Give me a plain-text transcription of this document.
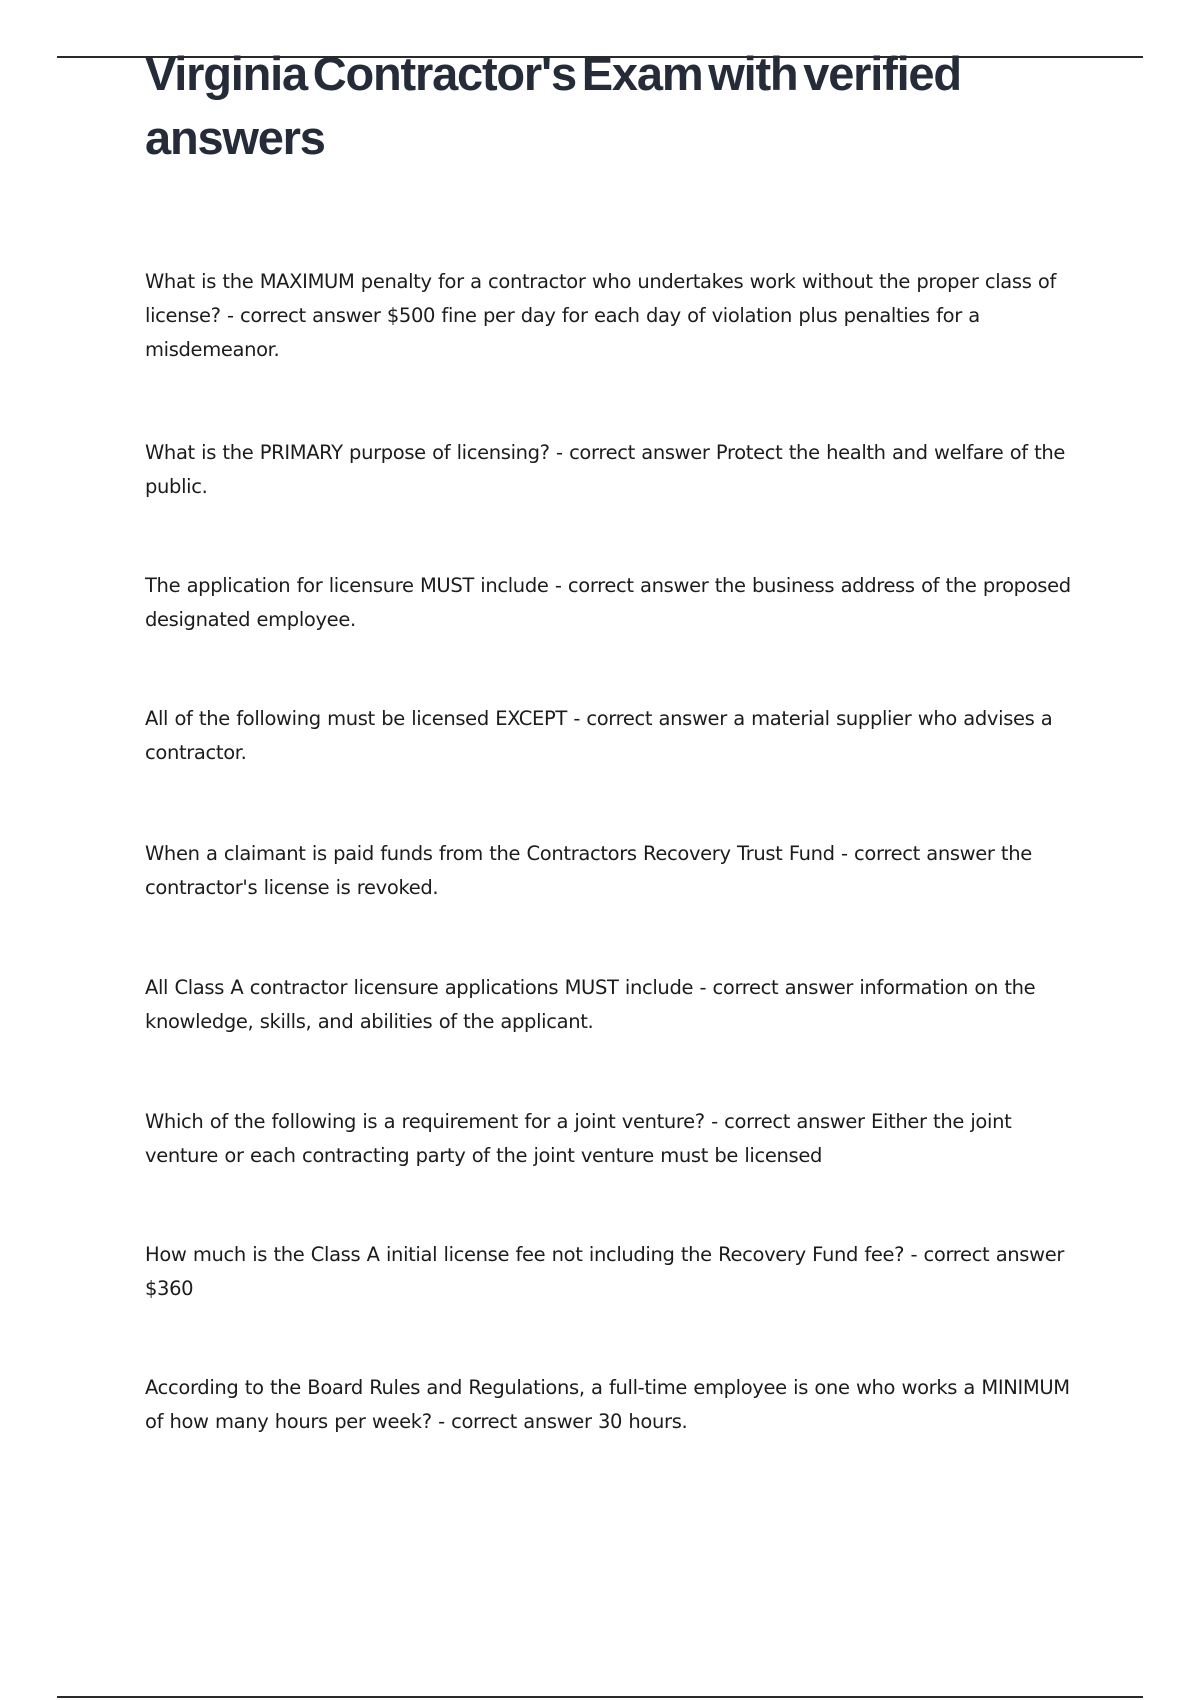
Virginia Contractor's Exam with verified answers

What is the MAXIMUM penalty for a contractor who undertakes work without the proper class of license? - correct answer $500 fine per day for each day of violation plus penalties for a misdemeanor.

What is the PRIMARY purpose of licensing? - correct answer Protect the health and welfare of the public.

The application for licensure MUST include - correct answer the business address of the proposed designated employee.

All of the following must be licensed EXCEPT - correct answer a material supplier who advises a contractor.

When a claimant is paid funds from the Contractors Recovery Trust Fund - correct answer the contractor's license is revoked.

All Class A contractor licensure applications MUST include - correct answer information on the knowledge, skills, and abilities of the applicant.

Which of the following is a requirement for a joint venture? - correct answer Either the joint venture or each contracting party of the joint venture must be licensed

How much is the Class A initial license fee not including the Recovery Fund fee? - correct answer $360

According to the Board Rules and Regulations, a full-time employee is one who works a MINIMUM of how many hours per week? - correct answer 30 hours.
